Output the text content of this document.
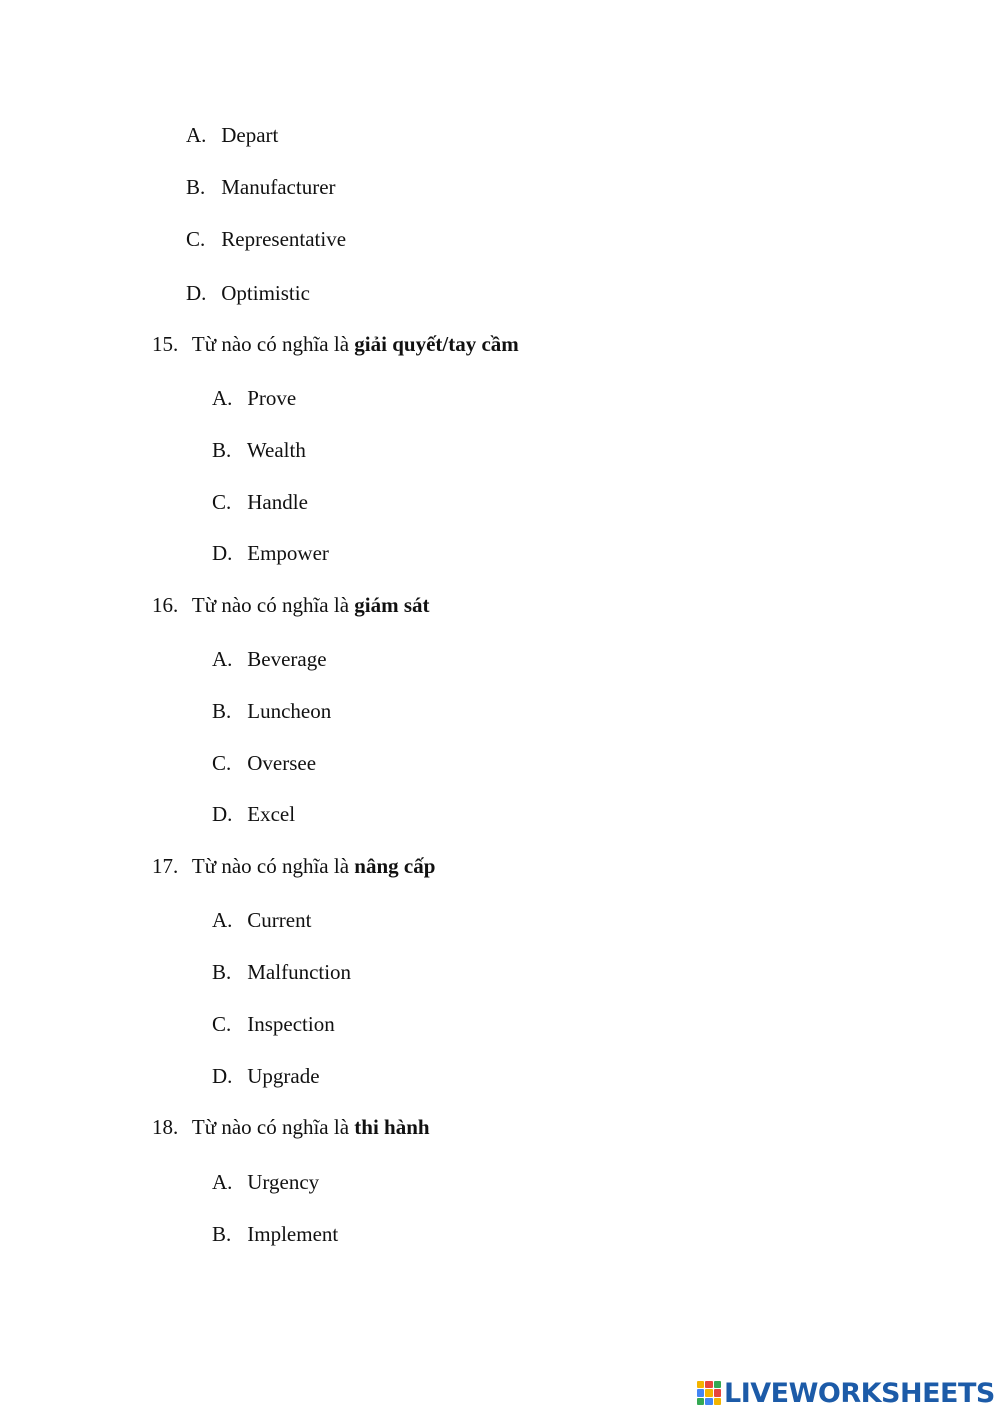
A. Depart
B. Manufacturer
C. Representative
D. Optimistic
15. Từ nào có nghĩa là giải quyết/tay cầm
A. Prove
B. Wealth
C. Handle
D. Empower
16. Từ nào có nghĩa là giám sát
A. Beverage
B. Luncheon
C. Oversee
D. Excel
17. Từ nào có nghĩa là nâng cấp
A. Current
B. Malfunction
C. Inspection
D. Upgrade
18. Từ nào có nghĩa là thi hành
A. Urgency
B. Implement
LIVEWORKSHEETS
